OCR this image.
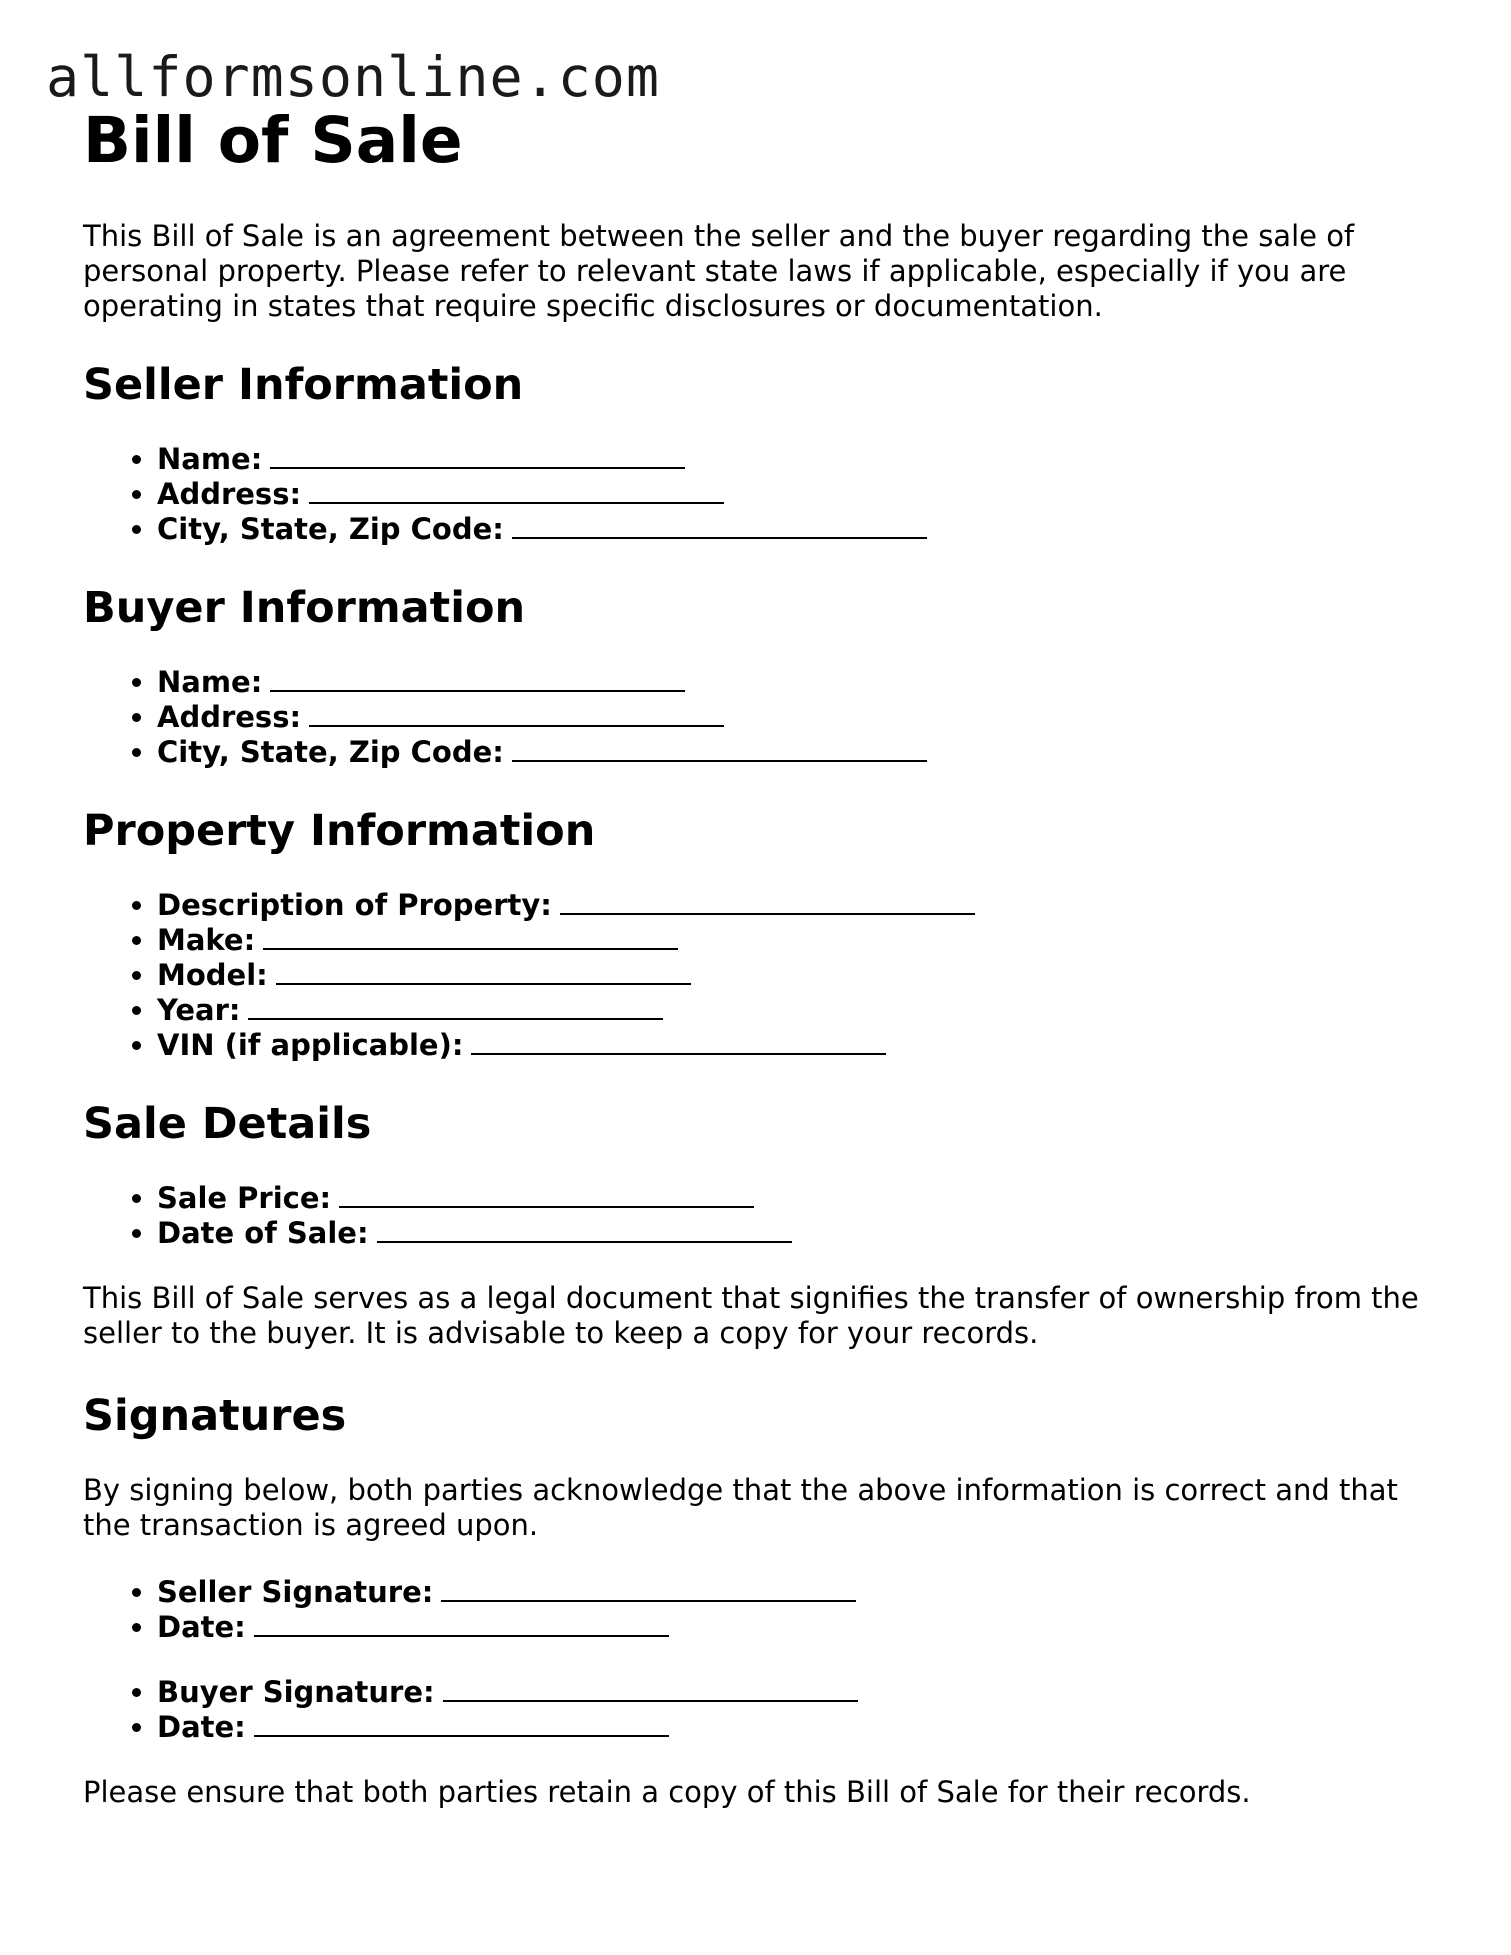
allformsonline.com
Bill of Sale

This Bill of Sale is an agreement between the seller and the buyer regarding the sale of personal property. Please refer to relevant state laws if applicable, especially if you are operating in states that require specific disclosures or documentation.

Seller Information
• Name:
• Address:
• City, State, Zip Code:
Buyer Information
• Name:
• Address:
• City, State, Zip Code:
Property Information
• Description of Property:
• Make:
• Model:
• Year:
• VIN (if applicable):
Sale Details
• Sale Price:
• Date of Sale:

This Bill of Sale serves as a legal document that signifies the transfer of ownership from the seller to the buyer. It is advisable to keep a copy for your records.

Signatures

By signing below, both parties acknowledge that the above information is correct and that the transaction is agreed upon.

• Seller Signature:
• Date:
• Buyer Signature:
• Date:

Please ensure that both parties retain a copy of this Bill of Sale for their records.
